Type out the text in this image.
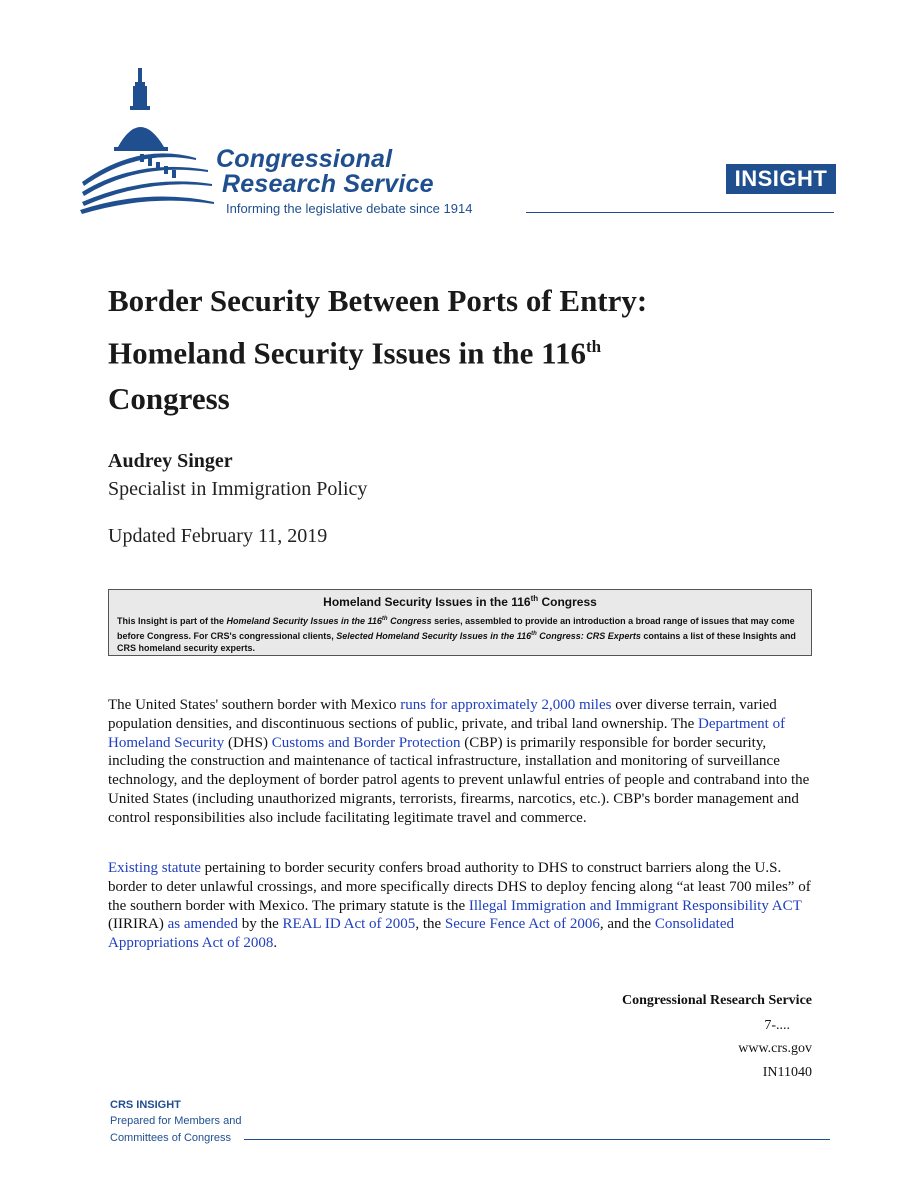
Congressional
Research Service
Informing the legislative debate since 1914
INSIGHT
Border Security Between Ports of Entry:
Homeland Security Issues in the 116th
Congress
Audrey Singer
Specialist in Immigration Policy
Updated February 11, 2019
Homeland Security Issues in the 116th Congress
This Insight is part of the Homeland Security Issues in the 116th Congress series, assembled to provide an introduction a broad range of issues that may come
before Congress. For CRS's congressional clients, Selected Homeland Security Issues in the 116th Congress: CRS Experts contains a list of these Insights and
CRS homeland security experts.
The United States' southern border with Mexico runs for approximately 2,000 miles over diverse terrain, varied population densities, and discontinuous sections of public, private, and tribal land ownership. The Department of Homeland Security (DHS) Customs and Border Protection (CBP) is primarily responsible for border security, including the construction and maintenance of tactical infrastructure, installation and monitoring of surveillance technology, and the deployment of border patrol agents to prevent unlawful entries of people and contraband into the United States (including unauthorized migrants, terrorists, firearms, narcotics, etc.). CBP's border management and control responsibilities also include facilitating legitimate travel and commerce.
Existing statute pertaining to border security confers broad authority to DHS to construct barriers along the U.S. border to deter unlawful crossings, and more specifically directs DHS to deploy fencing along “at least 700 miles” of the southern border with Mexico. The primary statute is the Illegal Immigration and Immigrant Responsibility ACT (IIRIRA) as amended by the REAL ID Act of 2005, the Secure Fence Act of 2006, and the Consolidated Appropriations Act of 2008.
Congressional Research Service
7-....
www.crs.gov
IN11040
CRS INSIGHT
Prepared for Members and
Committees of Congress
